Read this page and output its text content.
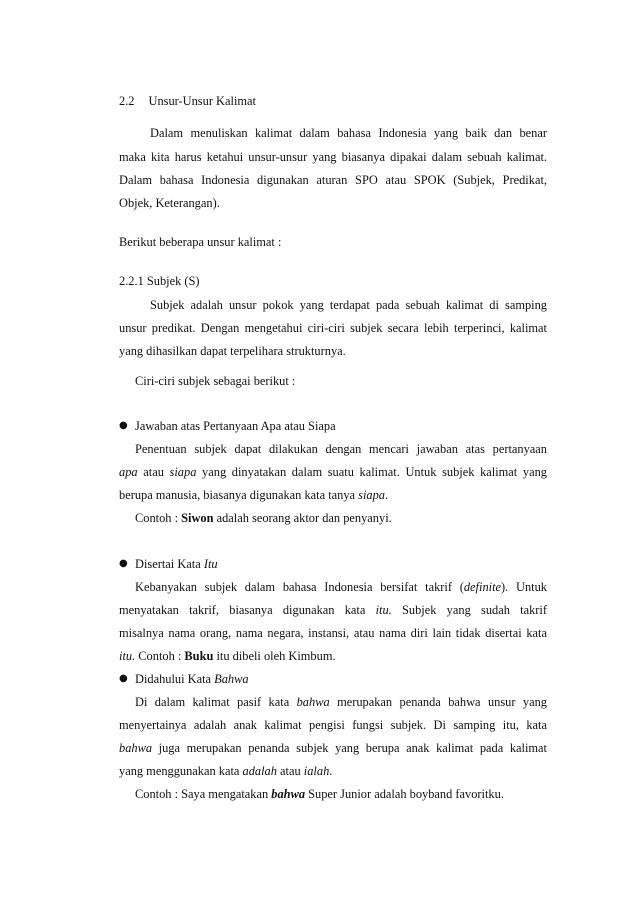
2.2 Unsur-Unsur Kalimat
Dalam menuliskan kalimat dalam bahasa Indonesia yang baik dan benar
maka kita harus ketahui unsur-unsur yang biasanya dipakai dalam sebuah kalimat.
Dalam bahasa Indonesia digunakan aturan SPO atau SPOK (Subjek, Predikat,
Objek, Keterangan).
Berikut beberapa unsur kalimat :
2.2.1 Subjek (S)
Subjek adalah unsur pokok yang terdapat pada sebuah kalimat di samping
unsur predikat. Dengan mengetahui ciri-ciri subjek secara lebih terperinci, kalimat
yang dihasilkan dapat terpelihara strukturnya.
Ciri-ciri subjek sebagai berikut :
● Jawaban atas Pertanyaan Apa atau Siapa
Penentuan subjek dapat dilakukan dengan mencari jawaban atas pertanyaan
apa atau siapa yang dinyatakan dalam suatu kalimat. Untuk subjek kalimat yang
berupa manusia, biasanya digunakan kata tanya siapa.
Contoh : Siwon adalah seorang aktor dan penyanyi.
● Disertai Kata Itu
Kebanyakan subjek dalam bahasa Indonesia bersifat takrif (definite). Untuk
menyatakan takrif, biasanya digunakan kata itu. Subjek yang sudah takrif
misalnya nama orang, nama negara, instansi, atau nama diri lain tidak disertai kata
itu. Contoh : Buku itu dibeli oleh Kimbum.
● Didahului Kata Bahwa
Di dalam kalimat pasif kata bahwa merupakan penanda bahwa unsur yang
menyertainya adalah anak kalimat pengisi fungsi subjek. Di samping itu, kata
bahwa juga merupakan penanda subjek yang berupa anak kalimat pada kalimat
yang menggunakan kata adalah atau ialah.
Contoh : Saya mengatakan bahwa Super Junior adalah boyband favoritku.
